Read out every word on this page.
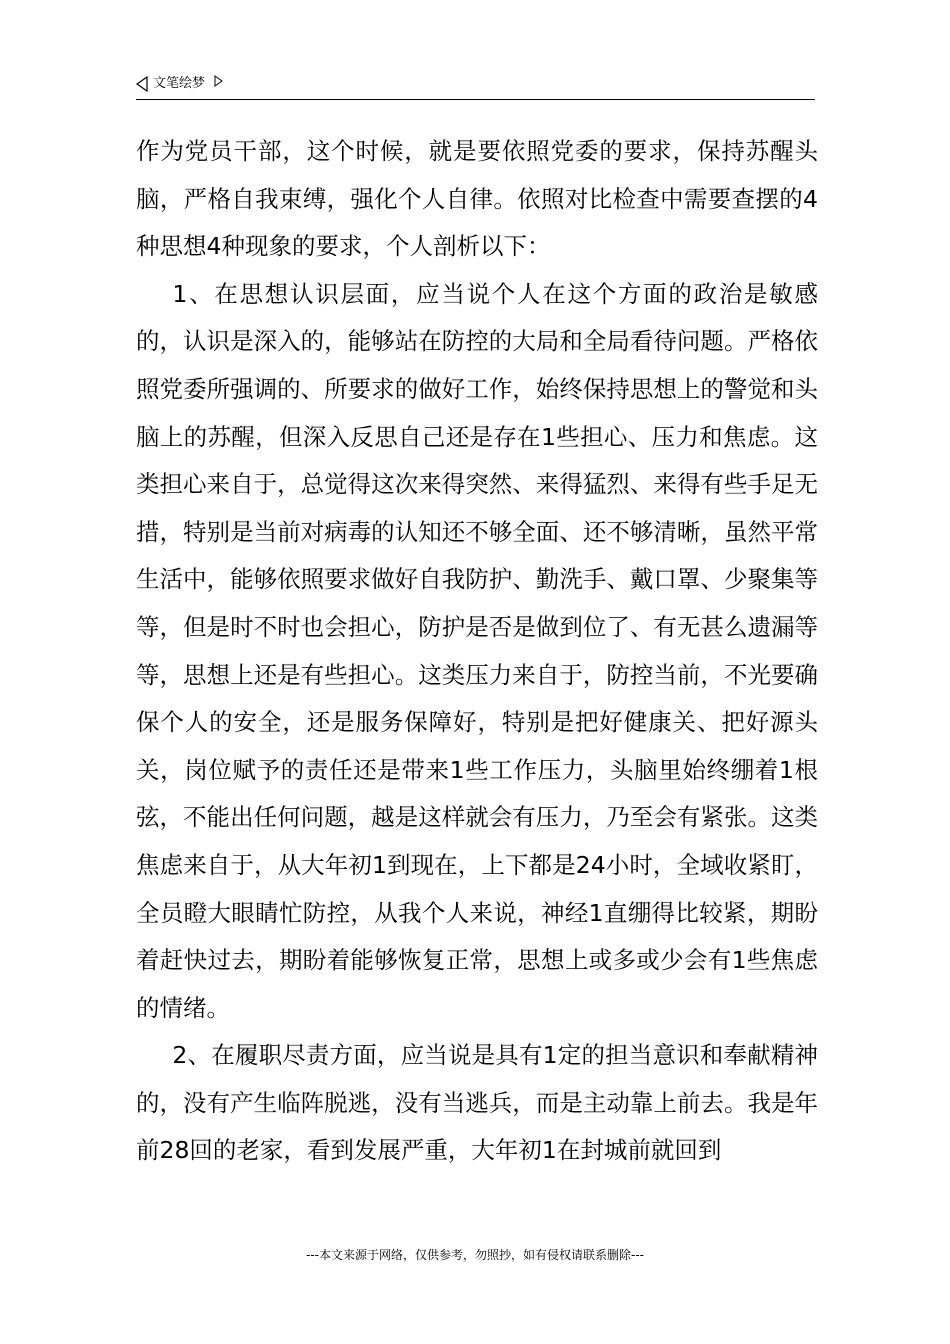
文笔绘梦

作为党员干部，这个时候，就是要依照党委的要求，保持苏醒头脑，严格自我束缚，强化个人自律。依照对比检查中需要查摆的4种思想4种现象的要求，个人剖析以下：

1、在思想认识层面，应当说个人在这个方面的政治是敏感的，认识是深入的，能够站在防控的大局和全局看待问题。严格依照党委所强调的、所要求的做好工作，始终保持思想上的警觉和头脑上的苏醒，但深入反思自己还是存在1些担心、压力和焦虑。这类担心来自于，总觉得这次来得突然、来得猛烈、来得有些手足无措，特别是当前对病毒的认知还不够全面、还不够清晰，虽然平常生活中，能够依照要求做好自我防护、勤洗手、戴口罩、少聚集等等，但是时不时也会担心，防护是否是做到位了、有无甚么遗漏等等，思想上还是有些担心。这类压力来自于，防控当前，不光要确保个人的安全，还是服务保障好，特别是把好健康关、把好源头关，岗位赋予的责任还是带来1些工作压力，头脑里始终绷着1根弦，不能出任何问题，越是这样就会有压力，乃至会有紧张。这类焦虑来自于，从大年初1到现在，上下都是24小时，全域收紧盯，全员瞪大眼睛忙防控，从我个人来说，神经1直绷得比较紧，期盼着赶快过去，期盼着能够恢复正常，思想上或多或少会有1些焦虑的情绪。

2、在履职尽责方面，应当说是具有1定的担当意识和奉献精神的，没有产生临阵脱逃，没有当逃兵，而是主动靠上前去。我是年前28回的老家，看到发展严重，大年初1在封城前就回到

---本文来源于网络，仅供参考，勿照抄，如有侵权请联系删除---
